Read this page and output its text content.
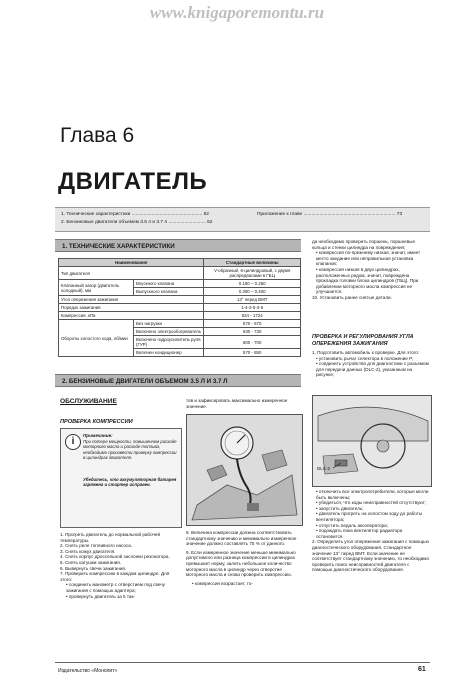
www.knigaporemontu.ru
Глава 6
ДВИГАТЕЛЬ
1. Технические характеристики ..................................................... 62
2. Бензиновые двигатели объемом 3.5 л и 3.7 л ............................ 62
Приложение к главе ..................................................................... 73
1. ТЕХНИЧЕСКИЕ ХАРАКТЕРИСТИКИ
Наименование		Стандартные величины
Тип двигателя		V-образный, 6-цилиндровый, с двумя распредвалами в ГБЦ
Клапанный зазор (двигатель холодный), мм	Впускного клапана	0.150 – 0.250
	Выпускного клапана	0.300 – 0.400
Угол опережения зажигания		13° перед ВМТ
Порядок зажигания		1-4-2-5-3-6
Компрессия, кПа		924 - 1724
Обороты холостого хода, об/мин	Без нагрузки	570 - 670
	Включено электрообогреватель	630 - 730
	Включено гидроусилитель руля (ГУР)	600 - 700
	Включен кондиционер	570 - 850
2. БЕНЗИНОВЫЕ ДВИГАТЕЛИ ОБЪЕМОМ 3.5 Л И 3.7 Л
ОБСЛУЖИВАНИЕ
ПРОВЕРКА КОМПРЕССИИ
i
Примечание:
При потере мощности, повышенном расходе моторного масла и расходе топлива, необходимо произвести проверку компрессии в цилиндрах двигателя.
Убедитесь, что аккумуляторная батарея заряжена и стартер исправен.

1. Прогреть двигатель до нормальной рабочей температуры.

2. Снять реле топливного насоса.

3. Снять кожух двигателя.

4. Снять корпус дроссельной заслонки резонатора.

5. Снять катушки зажигания.

6. Вывернуть свечи зажигания.

7. Проверить компрессию в каждом цилиндре. Для этого:

• соединить манометр с отверстием под свечу зажигания с помощью адаптера;

• провернуть двигатель за 5 так-

тов и зафиксировать максимально измеренное значение.

8. Величина компрессии должна соответствовать стандартному значению и минимально измеренное значение должно составлять 75 % от данного.

9. Если измеренное значение меньше минимально допустимого или разница компрессии в цилиндрах превышает норму, залить небольшое количество моторного масла в цилиндр через отверстие моторного масла и снова проверить компрессию.

• компрессия возрастает, то-

да необходимо проверить поршень, поршневые кольца и стенки цилиндра на повреждения;

• компрессия по-прежнему низкая, значит, имеет место заедание или неправильная установка клапанов;

• компрессия низкая в двух цилиндрах, расположенных рядом, значит, повреждена прокладка головки блока цилиндров (ГБЦ). При добавлении моторного масла компрессия не улучшается.

10. Установить ранее снятые детали.

ПРОВЕРКА И РЕГУЛИРОВАНИЯ УГЛА ОПЕРЕЖЕНИЯ ЗАЖИГАНИЯ

1. Подготовить автомобиль к проверке. Для этого:

• установить рычаг селектора в положение P;

• соединить устройство для диагностики с разъемом для передачи данных (DLC-2), указанным на рисунке;

DLC-2

• отключить все электропотребители, которые могли быть включены;

• убедиться, что коды неисправностей отсутствуют;

• запустить двигатель;

• двигатель прогреть на холостом ходу до работы вентилятора;

• отпустить педаль акселератора;

• подождать пока вентилятор радиатора остановится.

2. Определить угол опережения зажигания с помощью диагностического оборудования. Стандартное значение 13° перед ВМТ. Если значение не соответствует стандартному значению, то необходимо проверить поиск неисправностей двигателя с помощью диагностического оборудования.

Издательство «Монолит»	61
